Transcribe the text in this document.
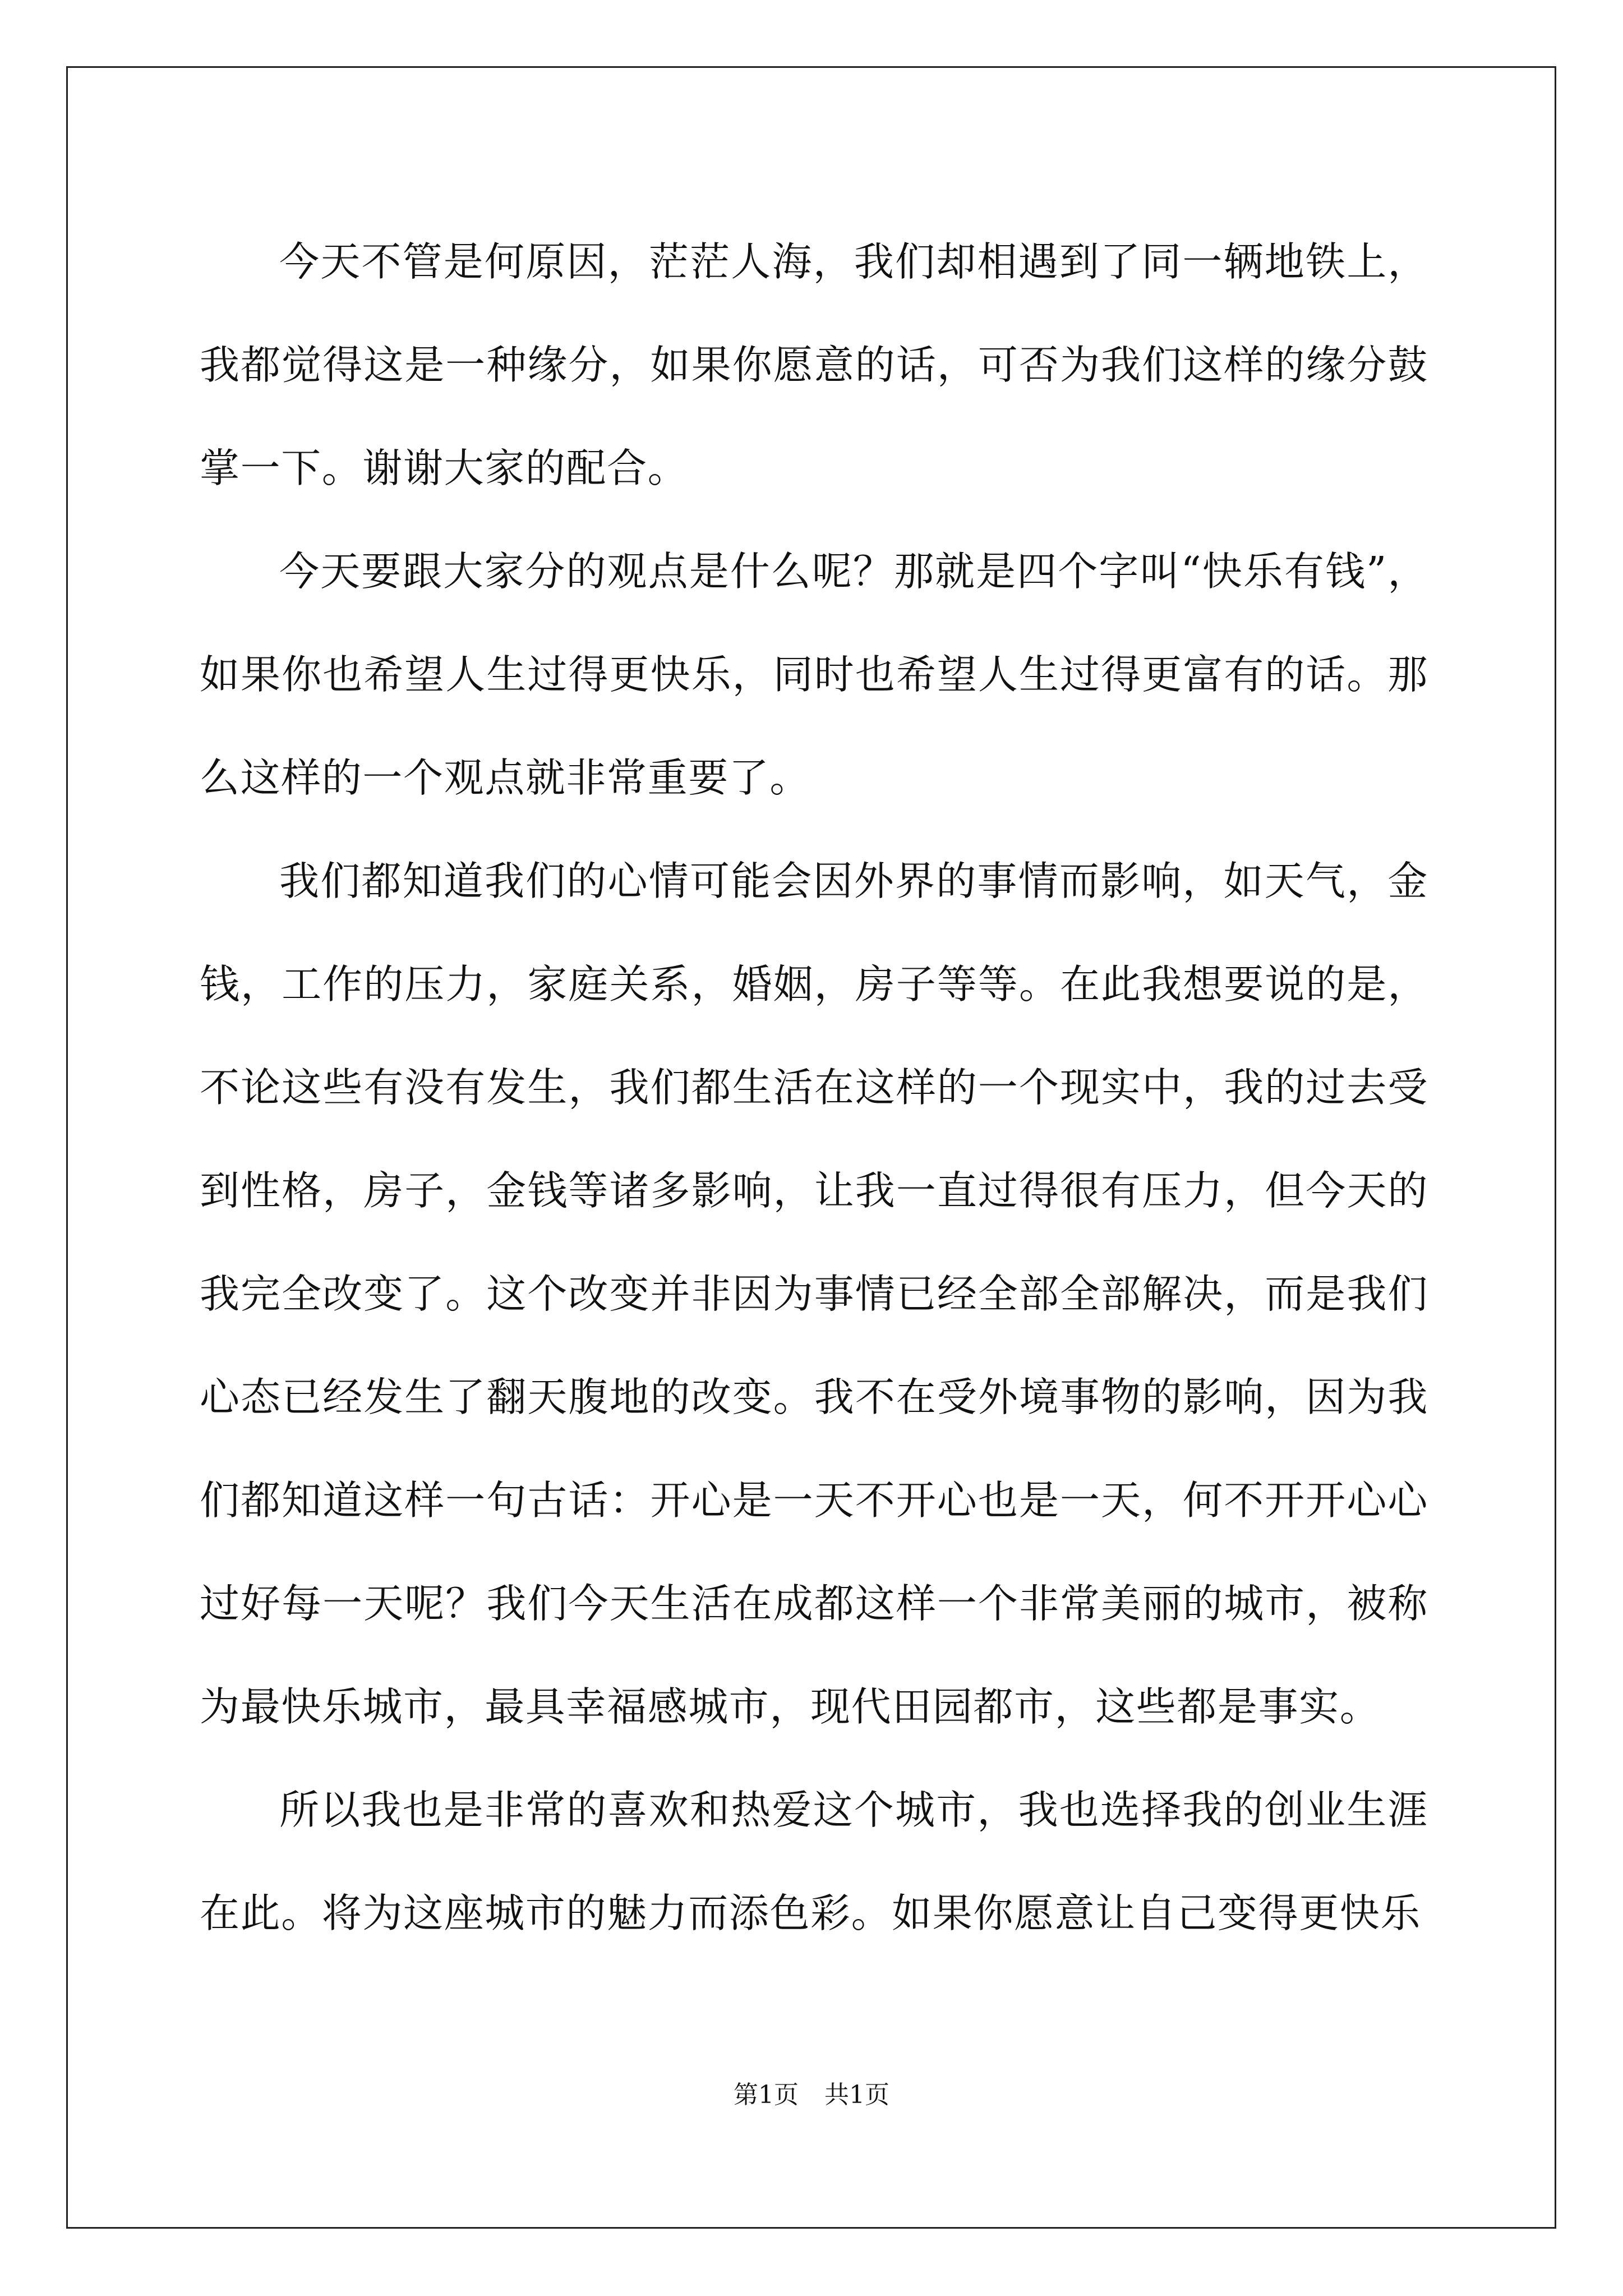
今天不管是何原因，茫茫人海，我们却相遇到了同一辆地铁上，我都觉得这是一种缘分，如果你愿意的话，可否为我们这样的缘分鼓掌一下。谢谢大家的配合。

今天要跟大家分的观点是什么呢？那就是四个字叫“快乐有钱”，如果你也希望人生过得更快乐，同时也希望人生过得更富有的话。那么这样的一个观点就非常重要了。

我们都知道我们的心情可能会因外界的事情而影响，如天气，金钱，工作的压力，家庭关系，婚姻，房子等等。在此我想要说的是，不论这些有没有发生，我们都生活在这样的一个现实中，我的过去受到性格，房子，金钱等诸多影响，让我一直过得很有压力，但今天的我完全改变了。这个改变并非因为事情已经全部全部解决，而是我们心态已经发生了翻天腹地的改变。我不在受外境事物的影响，因为我们都知道这样一句古话：开心是一天不开心也是一天，何不开开心心过好每一天呢？我们今天生活在成都这样一个非常美丽的城市，被称为最快乐城市，最具幸福感城市，现代田园都市，这些都是事实。

所以我也是非常的喜欢和热爱这个城市，我也选择我的创业生涯在此。将为这座城市的魅力而添色彩。如果你愿意让自己变得更快乐

第1页 共1页
